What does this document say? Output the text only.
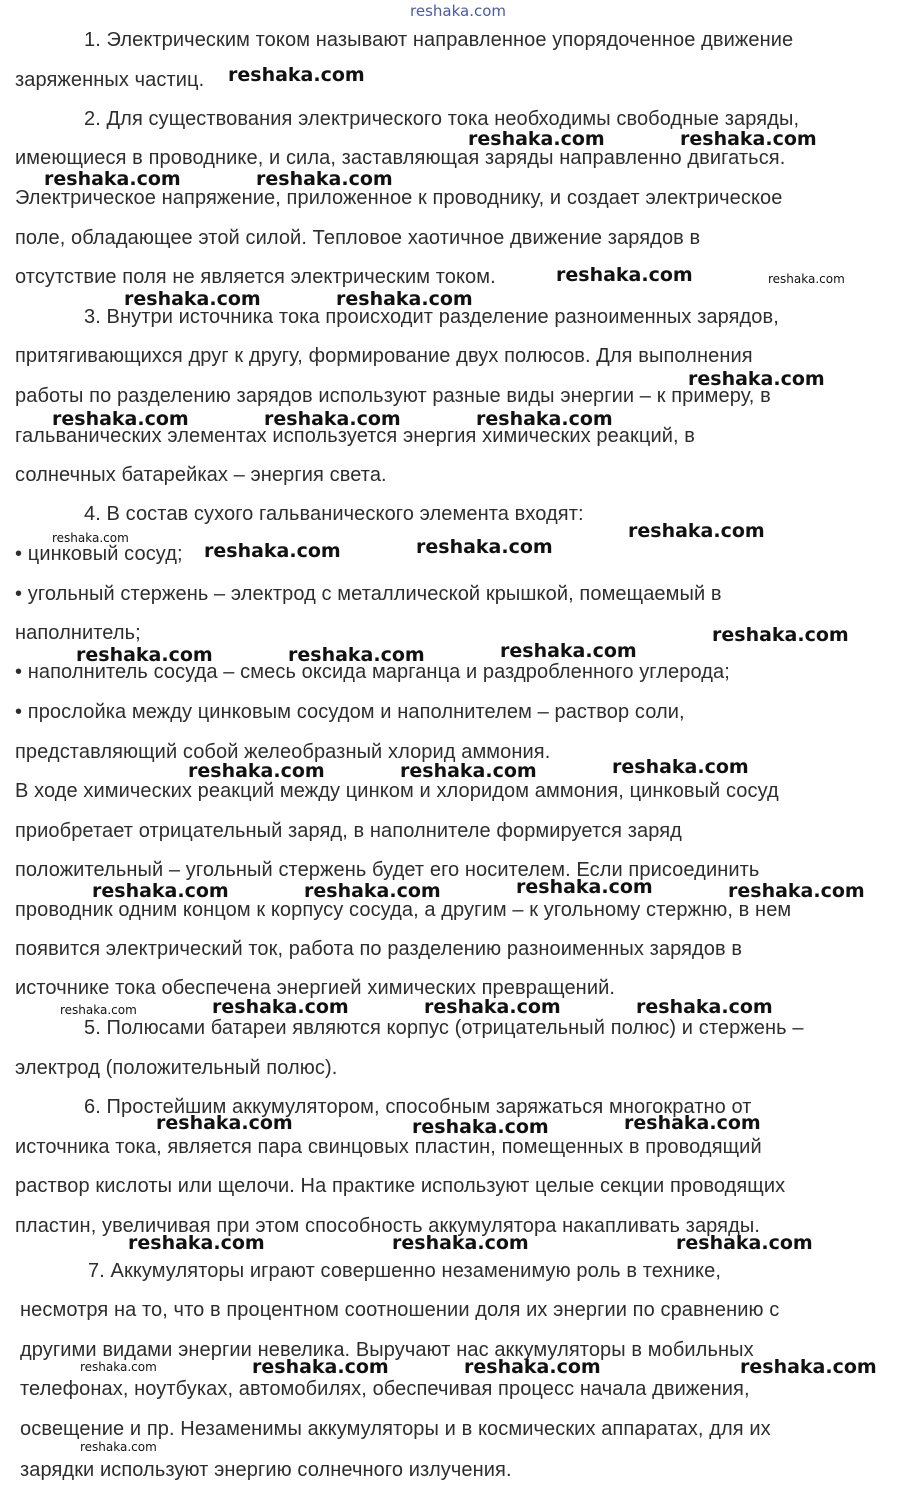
reshaka.com
1. Электрическим током называют направленное упорядоченное движение
заряженных частиц.
2. Для существования электрического тока необходимы свободные заряды,
имеющиеся в проводнике, и сила, заставляющая заряды направленно двигаться.
Электрическое напряжение, приложенное к проводнику, и создает электрическое
поле, обладающее этой силой. Тепловое хаотичное движение зарядов в
отсутствие поля не является электрическим током.
3. Внутри источника тока происходит разделение разноименных зарядов,
притягивающихся друг к другу, формирование двух полюсов. Для выполнения
работы по разделению зарядов используют разные виды энергии – к примеру, в
гальванических элементах используется энергия химических реакций, в
солнечных батарейках – энергия света.
4. В состав сухого гальванического элемента входят:
• цинковый сосуд;
• угольный стержень – электрод с металлической крышкой, помещаемый в
наполнитель;
• наполнитель сосуда – смесь оксида марганца и раздробленного углерода;
• прослойка между цинковым сосудом и наполнителем – раствор соли,
представляющий собой желеобразный хлорид аммония.
В ходе химических реакций между цинком и хлоридом аммония, цинковый сосуд
приобретает отрицательный заряд, в наполнителе формируется заряд
положительный – угольный стержень будет его носителем. Если присоединить
проводник одним концом к корпусу сосуда, а другим – к угольному стержню, в нем
появится электрический ток, работа по разделению разноименных зарядов в
источнике тока обеспечена энергией химических превращений.
5. Полюсами батареи являются корпус (отрицательный полюс) и стержень –
электрод (положительный полюс).
6. Простейшим аккумулятором, способным заряжаться многократно от
источника тока, является пара свинцовых пластин, помещенных в проводящий
раствор кислоты или щелочи. На практике используют целые секции проводящих
пластин, увеличивая при этом способность аккумулятора накапливать заряды.
7. Аккумуляторы играют совершенно незаменимую роль в технике,
несмотря на то, что в процентном соотношении доля их энергии по сравнению с
другими видами энергии невелика. Выручают нас аккумуляторы в мобильных
телефонах, ноутбуках, автомобилях, обеспечивая процесс начала движения,
освещение и пр. Незаменимы аккумуляторы и в космических аппаратах, для их
зарядки используют энергию солнечного излучения.
reshaka.com
reshaka.com	reshaka.com
reshaka.com	reshaka.com
reshaka.com	reshaka.com
reshaka.com	reshaka.com
reshaka.com
reshaka.com	reshaka.com	reshaka.com
reshaka.com
reshaka.com
reshaka.com	reshaka.com
reshaka.com
reshaka.com	reshaka.com	reshaka.com
reshaka.com	reshaka.com	reshaka.com
reshaka.com	reshaka.com	reshaka.com	reshaka.com
reshaka.com	reshaka.com	reshaka.com	reshaka.com
reshaka.com	reshaka.com	reshaka.com
reshaka.com	reshaka.com	reshaka.com
reshaka.com	reshaka.com	reshaka.com	reshaka.com
reshaka.com
